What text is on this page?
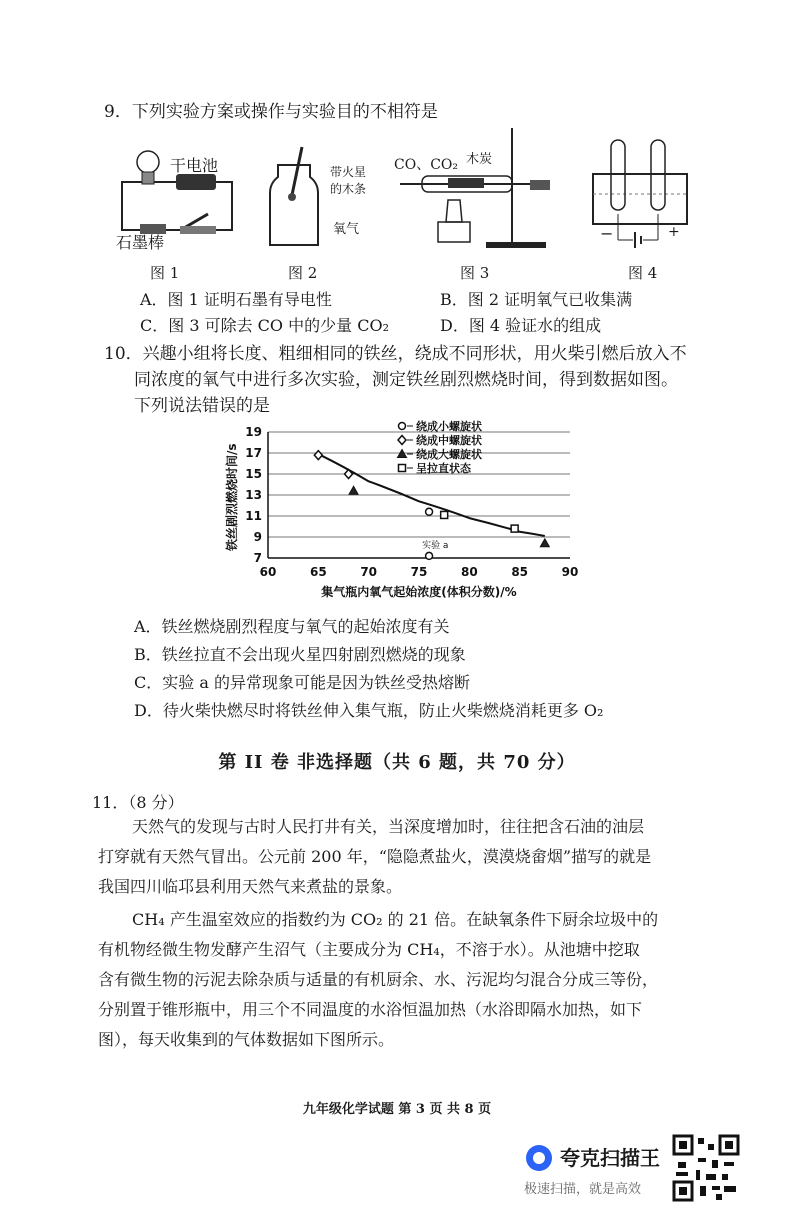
9．下列实验方案或操作与实验目的不相符是
干电池
石墨棒
图 1
带火星
的木条
氧气
图 2
CO、CO₂ 木炭
图 3
−	+
图 4
A．图 1 证明石墨有导电性	B．图 2 证明氧气已收集满
C．图 3 可除去 CO 中的少量 CO₂	D．图 4 验证水的组成
10．兴趣小组将长度、粗细相同的铁丝，绕成不同形状，用火柴引燃后放入不
同浓度的氧气中进行多次实验，测定铁丝剧烈燃烧时间，得到数据如图。
下列说法错误的是
7
9
11
13
15
17
19
60	65	70	75	80	85	90
绕成小螺旋状
绕成中螺旋状
绕成大螺旋状
呈拉直状态
实验 a
铁丝剧烈燃烧时间/s
集气瓶内氧气起始浓度(体积分数)/%
A．铁丝燃烧剧烈程度与氧气的起始浓度有关
B．铁丝拉直不会出现火星四射剧烈燃烧的现象
C．实验 a 的异常现象可能是因为铁丝受热熔断
D．待火柴快燃尽时将铁丝伸入集气瓶，防止火柴燃烧消耗更多 O₂
第 II 卷 非选择题（共 6 题，共 70 分）
11．（8 分）
天然气的发现与古时人民打井有关，当深度增加时，往往把含石油的油层
打穿就有天然气冒出。公元前 200 年，“隐隐煮盐火，漠漠烧畲烟”描写的就是
我国四川临邛县利用天然气来煮盐的景象。
CH₄ 产生温室效应的指数约为 CO₂ 的 21 倍。在缺氧条件下厨余垃圾中的
有机物经微生物发酵产生沼气（主要成分为 CH₄，不溶于水）。从池塘中挖取
含有微生物的污泥去除杂质与适量的有机厨余、水、污泥均匀混合分成三等份，
分别置于锥形瓶中，用三个不同温度的水浴恒温加热（水浴即隔水加热，如下
图），每天收集到的气体数据如下图所示。
九年级化学试题 第 3 页 共 8 页
夸克扫描王
极速扫描，就是高效
